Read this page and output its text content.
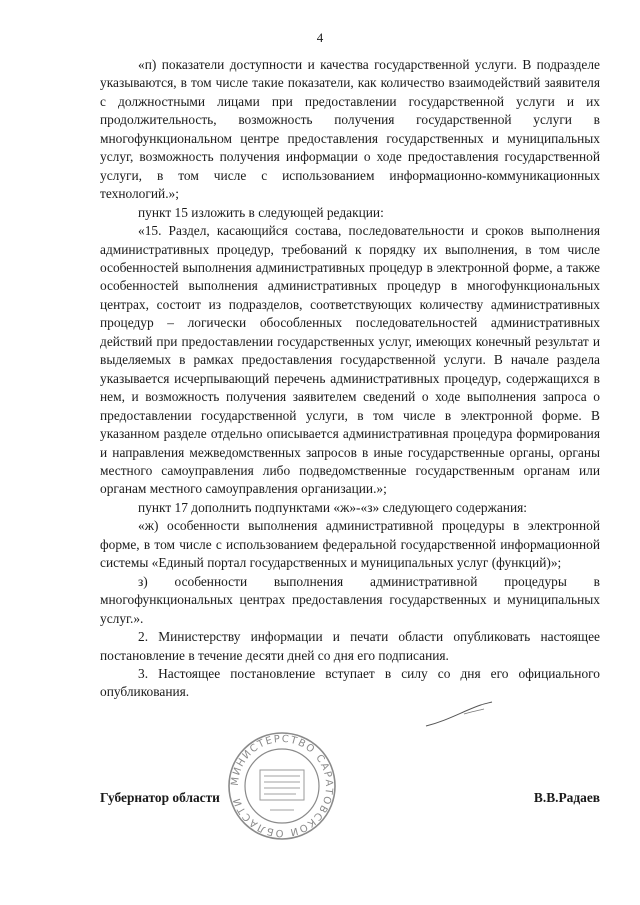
4

«п) показатели доступности и качества государственной услуги. В подразделе указываются, в том числе такие показатели, как количество взаимодействий заявителя с должностными лицами при предоставлении государственной услуги и их продолжительность, возможность получения государственной услуги в многофункциональном центре предоставления государственных и муниципальных услуг, возможность получения информации о ходе предоставления государственной услуги, в том числе с использованием информационно-коммуникационных технологий.»;

пункт 15 изложить в следующей редакции:

«15. Раздел, касающийся состава, последовательности и сроков выполнения административных процедур, требований к порядку их выполнения, в том числе особенностей выполнения административных процедур в электронной форме, а также особенностей выполнения административных процедур в многофункциональных центрах, состоит из подразделов, соответствующих количеству административных процедур – логически обособленных последовательностей административных действий при предоставлении государственных услуг, имеющих конечный результат и выделяемых в рамках предоставления государственной услуги. В начале раздела указывается исчерпывающий перечень административных процедур, содержащихся в нем, и возможность получения заявителем сведений о ходе выполнения запроса о предоставлении государственной услуги, в том числе в электронной форме. В указанном разделе отдельно описывается административная процедура формирования и направления межведомственных запросов в иные государственные органы, органы местного самоуправления либо подведомственные государственным органам или органам местного самоуправления организации.»;

пункт 17 дополнить подпунктами «ж»-«з» следующего содержания:

«ж) особенности выполнения административной процедуры в электронной форме, в том числе с использованием федеральной государственной информационной системы «Единый портал государственных и муниципальных услуг (функций)»;

з) особенности выполнения административной процедуры в многофункциональных центрах предоставления государственных и муниципальных услуг.».

2. Министерству информации и печати области опубликовать настоящее постановление в течение десяти дней со дня его подписания.

3. Настоящее постановление вступает в силу со дня его официального опубликования.

МИНИСТЕРСТВО САРАТОВСКОЙ ОБЛАСТИ
Губернатор области	В.В.Радаев
